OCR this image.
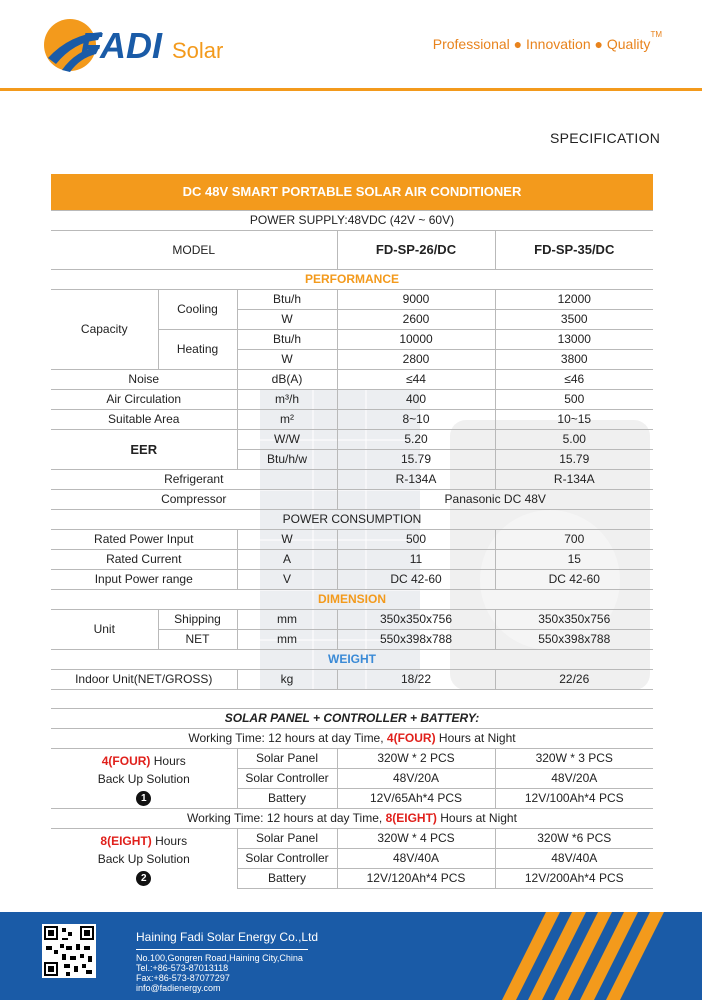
FADI Solar	Professional ● Innovation ● Quality™
SPECIFICATION
DC 48V SMART PORTABLE SOLAR AIR CONDITIONER				
POWER SUPPLY:48VDC (42V ~ 60V)				
MODEL			FD-SP-26/DC	FD-SP-35/DC
PERFORMANCE				
Capacity	Cooling	Btu/h	9000	12000
		W	2600	3500
	Heating	Btu/h	10000	13000
		W	2800	3800
Noise		dB(A)	≤44	≤46
Air Circulation		m³/h	400	500
Suitable Area		m²	8~10	10~15
EER		W/W	5.20	5.00
		Btu/h/w	15.79	15.79
Refrigerant			R-134A	R-134A
Compressor			Panasonic DC 48V	
POWER CONSUMPTION				
Rated Power Input		W	500	700
Rated Current		A	11	15
Input Power range		V	DC 42-60	DC 42-60
DIMENSION				
Unit	Shipping	mm	350x350x756	350x350x756
	NET	mm	550x398x788	550x398x788
WEIGHT				
Indoor Unit(NET/GROSS)		kg	18/22	22/26

SOLAR PANEL + CONTROLLER + BATTERY:				
Working Time: 12 hours at day Time, 4(FOUR) Hours at Night				
4(FOUR) Hours
Back Up Solution
1		Solar Panel	320W * 2 PCS	320W * 3 PCS
		Solar Controller	48V/20A	48V/20A
		Battery	12V/65Ah*4 PCS	12V/100Ah*4 PCS
Working Time: 12 hours at day Time, 8(EIGHT) Hours at Night				
8(EIGHT) Hours
Back Up Solution
2		Solar Panel	320W * 4 PCS	320W *6 PCS
		Solar Controller	48V/40A	48V/40A
		Battery	12V/120Ah*4 PCS	12V/200Ah*4 PCS
Haining Fadi Solar Energy Co.,Ltd
No.100,Gongren Road,Haining City,China
Tel.:+86-573-87013118
Fax:+86-573-87077297
info@fadienergy.com
